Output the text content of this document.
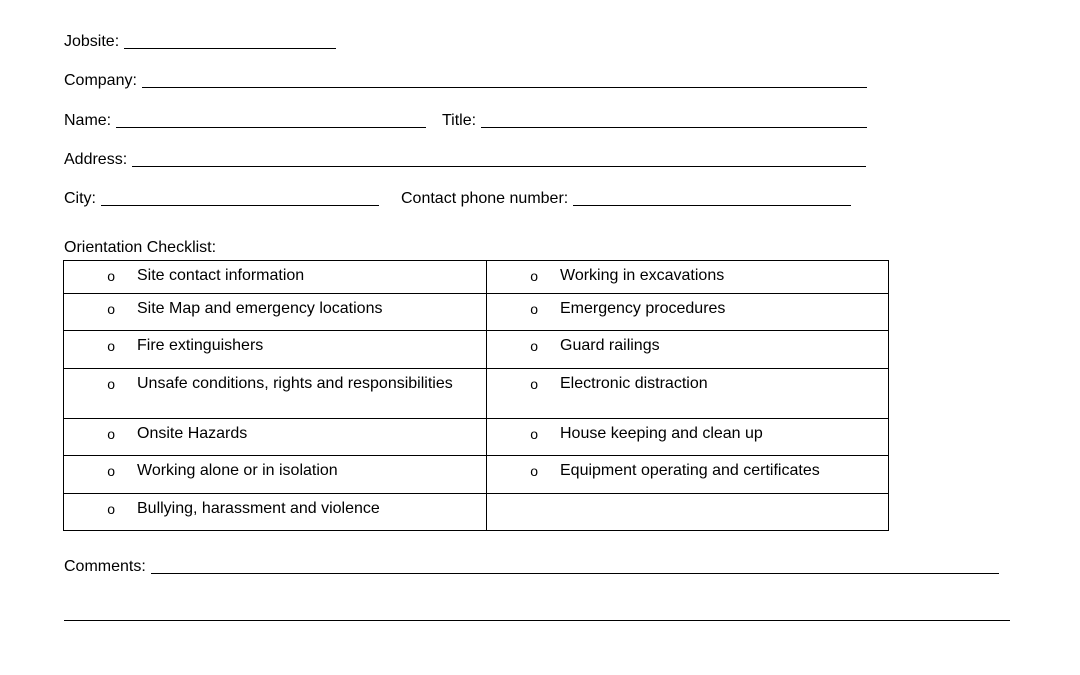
Jobsite:
Company:
Name:	Title:
Address:
City:	Contact phone number:
Orientation Checklist:
o Site contact information	o Working in excavations

o Site Map and emergency locations	o Emergency procedures

o Fire extinguishers	o Guard railings

o Unsafe conditions, rights and responsibilities	o Electronic distraction

o Onsite Hazards	o House keeping and clean up

o Working alone or in isolation	o Equipment operating and certificates

o Bullying, harassment and violence	

Comments:
